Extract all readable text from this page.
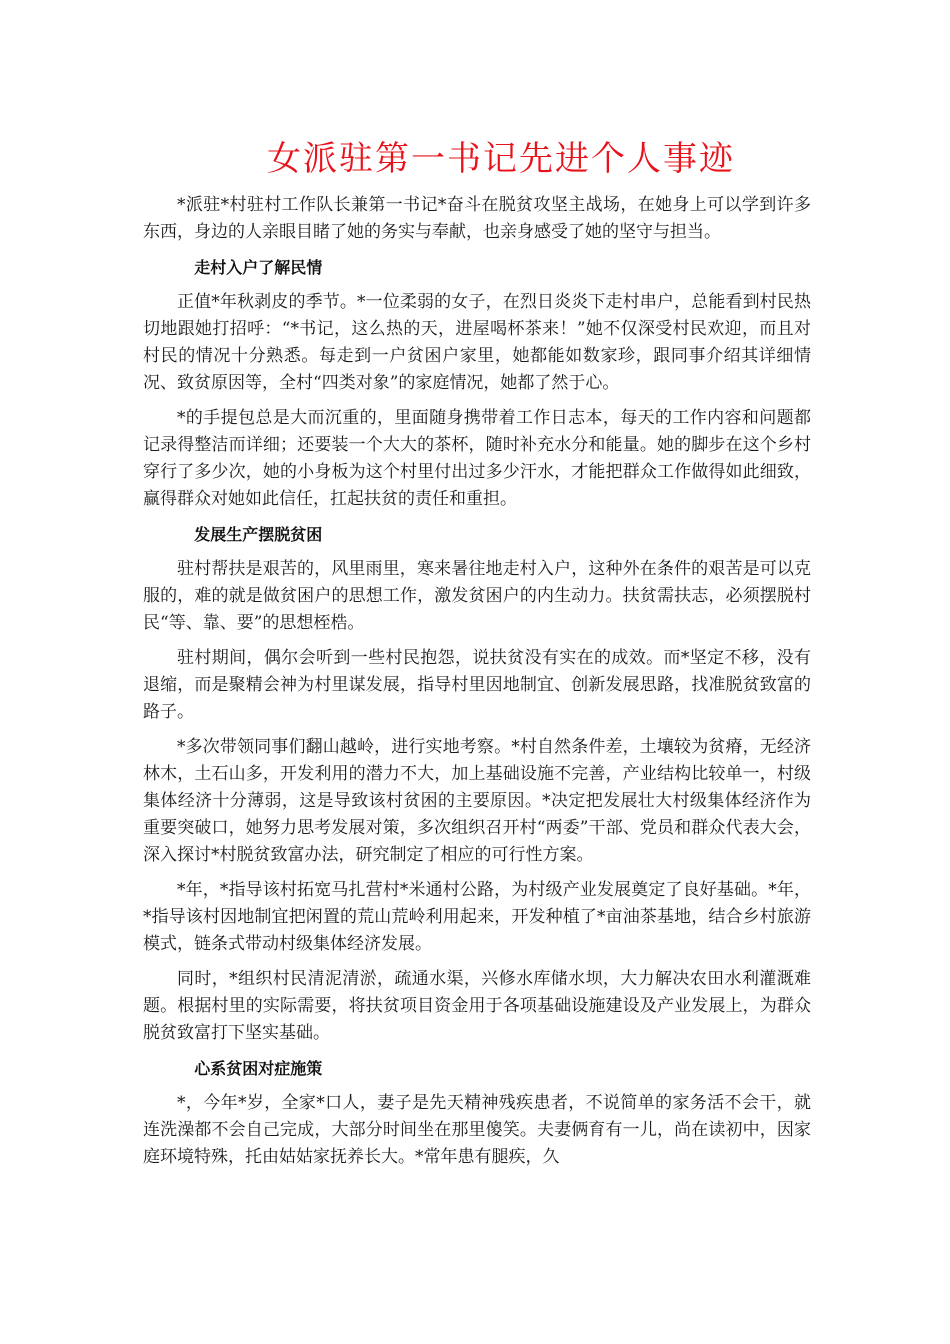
女派驻第一书记先进个人事迹

*派驻*村驻村工作队长兼第一书记*奋斗在脱贫攻坚主战场，在她身上可以学到许多东西，身边的人亲眼目睹了她的务实与奉献，也亲身感受了她的坚守与担当。

走村入户了解民情

正值*年秋剥皮的季节。*一位柔弱的女子，在烈日炎炎下走村串户，总能看到村民热切地跟她打招呼：“*书记，这么热的天，进屋喝杯茶来！”她不仅深受村民欢迎，而且对村民的情况十分熟悉。每走到一户贫困户家里，她都能如数家珍，跟同事介绍其详细情况、致贫原因等，全村“四类对象”的家庭情况，她都了然于心。

*的手提包总是大而沉重的，里面随身携带着工作日志本，每天的工作内容和问题都记录得整洁而详细；还要装一个大大的茶杯，随时补充水分和能量。她的脚步在这个乡村穿行了多少次，她的小身板为这个村里付出过多少汗水，才能把群众工作做得如此细致，赢得群众对她如此信任，扛起扶贫的责任和重担。

发展生产摆脱贫困

驻村帮扶是艰苦的，风里雨里，寒来暑往地走村入户，这种外在条件的艰苦是可以克服的，难的就是做贫困户的思想工作，激发贫困户的内生动力。扶贫需扶志，必须摆脱村民“等、靠、要”的思想桎梏。

驻村期间，偶尔会听到一些村民抱怨，说扶贫没有实在的成效。而*坚定不移，没有退缩，而是聚精会神为村里谋发展，指导村里因地制宜、创新发展思路，找准脱贫致富的路子。

*多次带领同事们翻山越岭，进行实地考察。*村自然条件差，土壤较为贫瘠，无经济林木，土石山多，开发利用的潜力不大，加上基础设施不完善，产业结构比较单一，村级集体经济十分薄弱，这是导致该村贫困的主要原因。*决定把发展壮大村级集体经济作为重要突破口，她努力思考发展对策，多次组织召开村“两委”干部、党员和群众代表大会，深入探讨*村脱贫致富办法，研究制定了相应的可行性方案。

*年，*指导该村拓宽马扎营村*米通村公路，为村级产业发展奠定了良好基础。*年，*指导该村因地制宜把闲置的荒山荒岭利用起来，开发种植了*亩油茶基地，结合乡村旅游模式，链条式带动村级集体经济发展。

同时，*组织村民清泥清淤，疏通水渠，兴修水库储水坝，大力解决农田水利灌溉难题。根据村里的实际需要，将扶贫项目资金用于各项基础设施建设及产业发展上，为群众脱贫致富打下坚实基础。

心系贫困对症施策

*，今年*岁，全家*口人，妻子是先天精神残疾患者，不说简单的家务活不会干，就连洗澡都不会自己完成，大部分时间坐在那里傻笑。夫妻俩育有一儿，尚在读初中，因家庭环境特殊，托由姑姑家抚养长大。*常年患有腿疾，久
